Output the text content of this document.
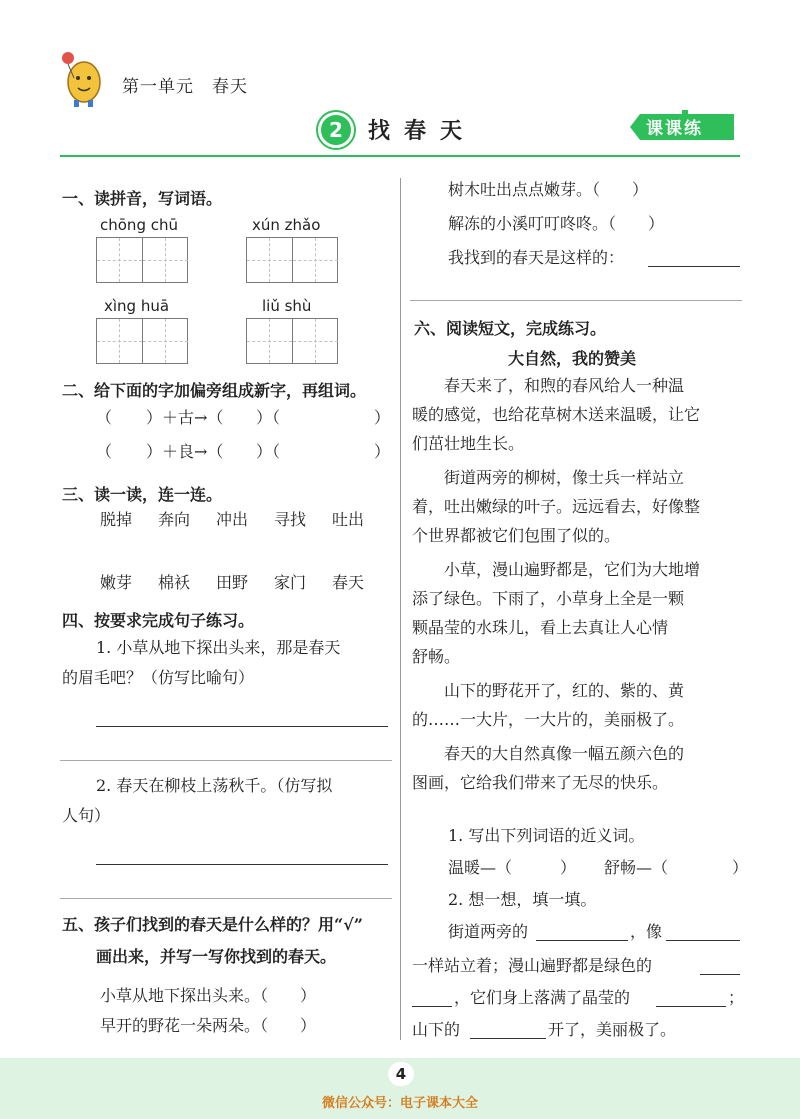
第一单元　春天
2	找春天	课课练
一、读拼音，写词语。
chōng chū	xún zhǎo
xìng huā	liǔ shù
二、给下面的字加偏旁组成新字，再组词。
（ ）＋古→（ ）（	）
（ ）＋良→（ ）（	）
三、读一读，连一连。
脱掉 奔向 冲出 寻找 吐出
嫩芽 棉袄 田野 家门 春天
四、按要求完成句子练习。
1. 小草从地下探出头来，那是春天
的眉毛吧？（仿写比喻句）
2. 春天在柳枝上荡秋千。（仿写拟
人句）
五、孩子们找到的春天是什么样的？用“√”
画出来，并写一写你找到的春天。
小草从地下探出头来。（　　）
早开的野花一朵两朵。（　　）
树木吐出点点嫩芽。（　　）
解冻的小溪叮叮咚咚。（　　）
我找到的春天是这样的：
六、阅读短文，完成练习。
大自然，我的赞美
　　春天来了，和煦的春风给人一种温
暖的感觉，也给花草树木送来温暖，让它
们茁壮地生长。
　　街道两旁的柳树，像士兵一样站立
着，吐出嫩绿的叶子。远远看去，好像整
个世界都被它们包围了似的。
　　小草，漫山遍野都是，它们为大地增
添了绿色。下雨了，小草身上全是一颗
颗晶莹的水珠儿，看上去真让人心情
舒畅。
　　山下的野花开了，红的、紫的、黄
的……一大片，一大片的，美丽极了。
　　春天的大自然真像一幅五颜六色的
图画，它给我们带来了无尽的快乐。
1. 写出下列词语的近义词。
温暖—（　　　） 舒畅—（　　　　）
2. 想一想，填一填。
街道两旁的	，像
一样站立着；漫山遍野都是绿色的
，它们身上落满了晶莹的	；
山下的	开了，美丽极了。
4
微信公众号：电子课本大全
